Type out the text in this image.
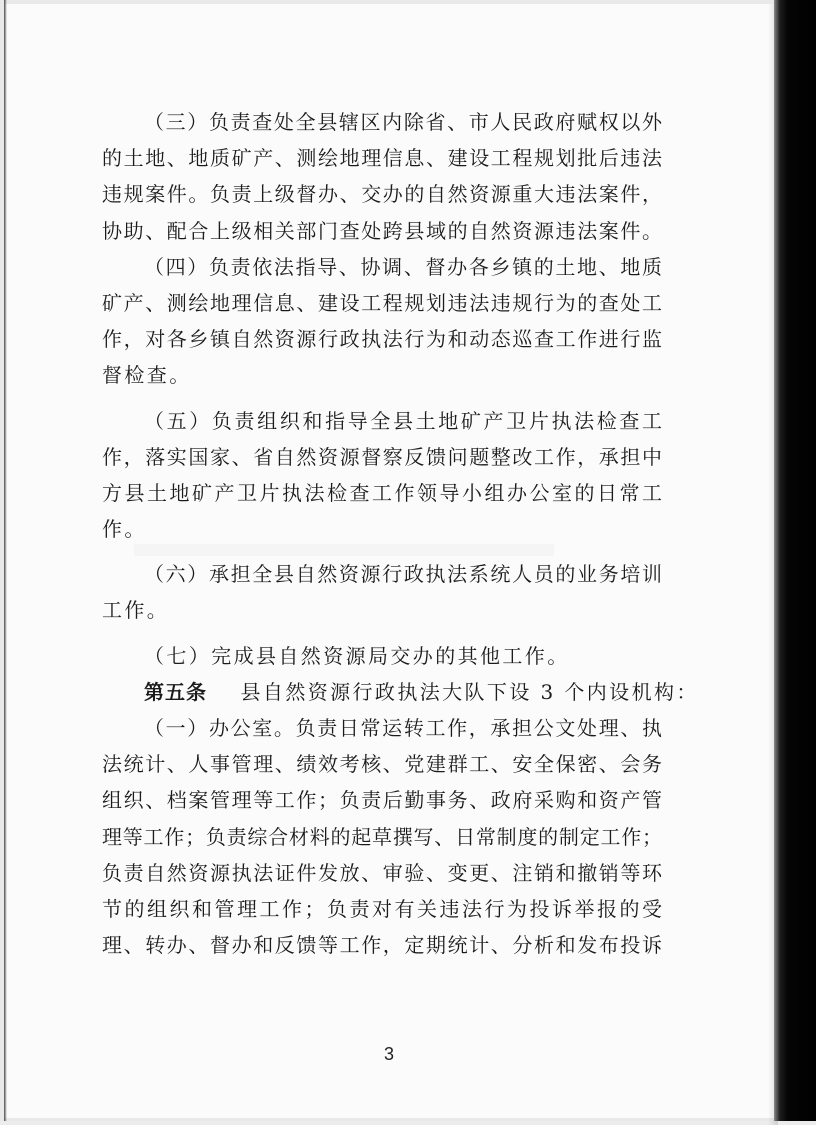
（三）负责查处全县辖区内除省、市人民政府赋权以外
的土地、地质矿产、测绘地理信息、建设工程规划批后违法
违规案件。负责上级督办、交办的自然资源重大违法案件，
协助、配合上级相关部门查处跨县域的自然资源违法案件。
（四）负责依法指导、协调、督办各乡镇的土地、地质
矿产、测绘地理信息、建设工程规划违法违规行为的查处工
作，对各乡镇自然资源行政执法行为和动态巡查工作进行监
督检查。
（五）负责组织和指导全县土地矿产卫片执法检查工
作，落实国家、省自然资源督察反馈问题整改工作，承担中
方县土地矿产卫片执法检查工作领导小组办公室的日常工
作。
（六）承担全县自然资源行政执法系统人员的业务培训
工作。
（七）完成县自然资源局交办的其他工作。
第五条 县自然资源行政执法大队下设 3 个内设机构：
（一）办公室。负责日常运转工作，承担公文处理、执
法统计、人事管理、绩效考核、党建群工、安全保密、会务
组织、档案管理等工作；负责后勤事务、政府采购和资产管
理等工作；负责综合材料的起草撰写、日常制度的制定工作；
负责自然资源执法证件发放、审验、变更、注销和撤销等环
节的组织和管理工作；负责对有关违法行为投诉举报的受
理、转办、督办和反馈等工作，定期统计、分析和发布投诉
3
